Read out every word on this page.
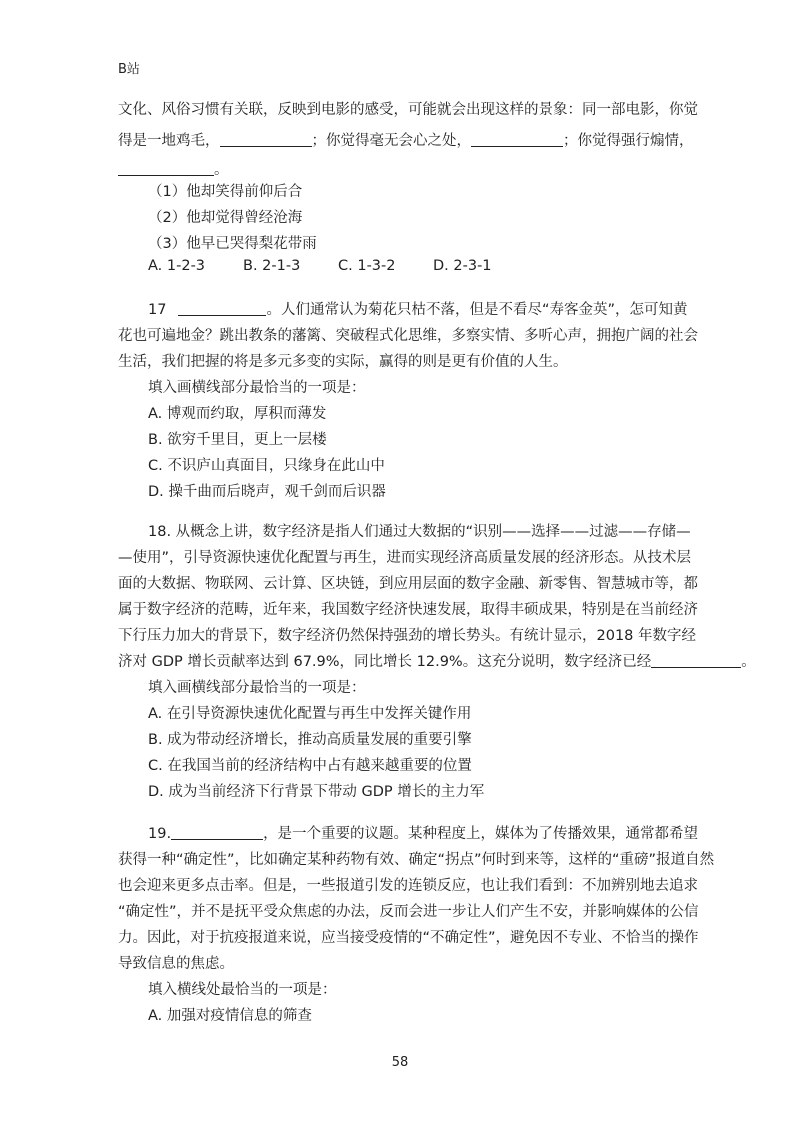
B站
文化、风俗习惯有关联，反映到电影的感受，可能就会出现这样的景象：同一部电影，你觉
得是一地鸡毛，	；你觉得毫无会心之处，	；你觉得强行煽情，
。
（1）他却笑得前仰后合
（2）他却觉得曾经沧海
（3）他早已哭得梨花带雨
A. 1-2-3	B. 2-1-3	C. 1-3-2	D. 2-3-1
17	。人们通常认为菊花只枯不落，但是不看尽“寿客金英”，怎可知黄
花也可遍地金？跳出教条的藩篱、突破程式化思维，多察实情、多听心声，拥抱广阔的社会
生活，我们把握的将是多元多变的实际，赢得的则是更有价值的人生。
填入画横线部分最恰当的一项是：
A. 博观而约取，厚积而薄发
B. 欲穷千里目，更上一层楼
C. 不识庐山真面目，只缘身在此山中
D. 操千曲而后晓声，观千剑而后识器
18. 从概念上讲，数字经济是指人们通过大数据的“识别——选择——过滤——存储—
—使用”，引导资源快速优化配置与再生，进而实现经济高质量发展的经济形态。从技术层
面的大数据、物联网、云计算、区块链，到应用层面的数字金融、新零售、智慧城市等，都
属于数字经济的范畴，近年来，我国数字经济快速发展，取得丰硕成果，特别是在当前经济
下行压力加大的背景下，数字经济仍然保持强劲的增长势头。有统计显示，2018 年数字经
济对 GDP 增长贡献率达到 67.9%，同比增长 12.9%。这充分说明，数字经济已经	。
填入画横线部分最恰当的一项是：
A. 在引导资源快速优化配置与再生中发挥关键作用
B. 成为带动经济增长，推动高质量发展的重要引擎
C. 在我国当前的经济结构中占有越来越重要的位置
D. 成为当前经济下行背景下带动 GDP 增长的主力军
19.	，是一个重要的议题。某种程度上，媒体为了传播效果，通常都希望
获得一种“确定性”，比如确定某种药物有效、确定“拐点”何时到来等，这样的“重磅”报道自然
也会迎来更多点击率。但是，一些报道引发的连锁反应，也让我们看到：不加辨别地去追求
“确定性”，并不是抚平受众焦虑的办法，反而会进一步让人们产生不安，并影响媒体的公信
力。因此，对于抗疫报道来说，应当接受疫情的“不确定性”，避免因不专业、不恰当的操作
导致信息的焦虑。
填入横线处最恰当的一项是：
A. 加强对疫情信息的筛查
58
